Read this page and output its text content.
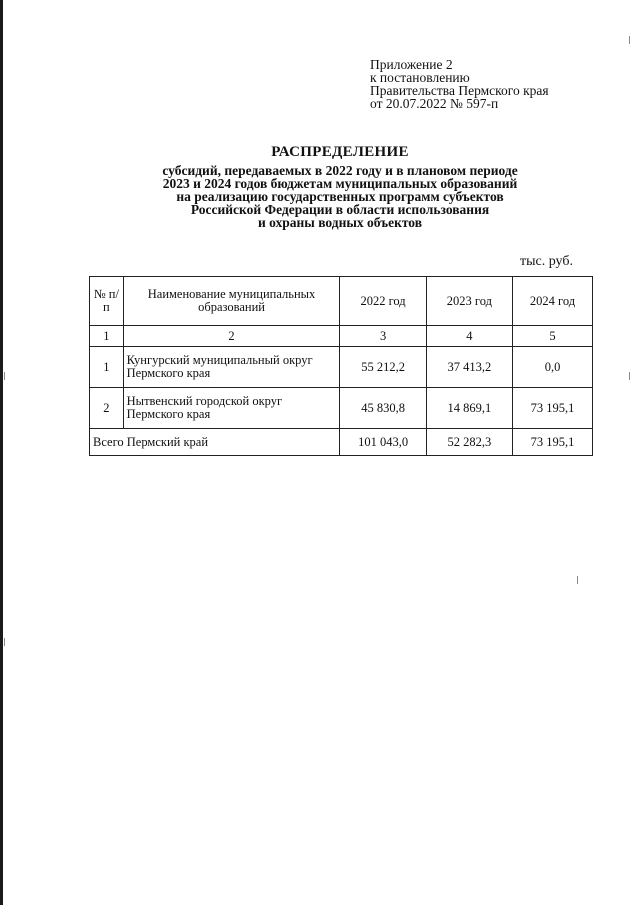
Приложение 2
к постановлению
Правительства Пермского края
от 20.07.2022 № 597-п
РАСПРЕДЕЛЕНИЕ
субсидий, передаваемых в 2022 году и в плановом периоде
2023 и 2024 годов бюджетам муниципальных образований
на реализацию государственных программ субъектов
Российской Федерации в области использования
и охраны водных объектов
тыс. руб.
№ п/п	Наименование муниципальных образований	2022 год	2023 год	2024 год
1	2	3	4	5
1	Кунгурский муниципальный округ Пермского края	55 212,2	37 413,2	0,0
2	Нытвенский городской округ Пермского края	45 830,8	14 869,1	73 195,1
Всего Пермский край		101 043,0	52 282,3	73 195,1
